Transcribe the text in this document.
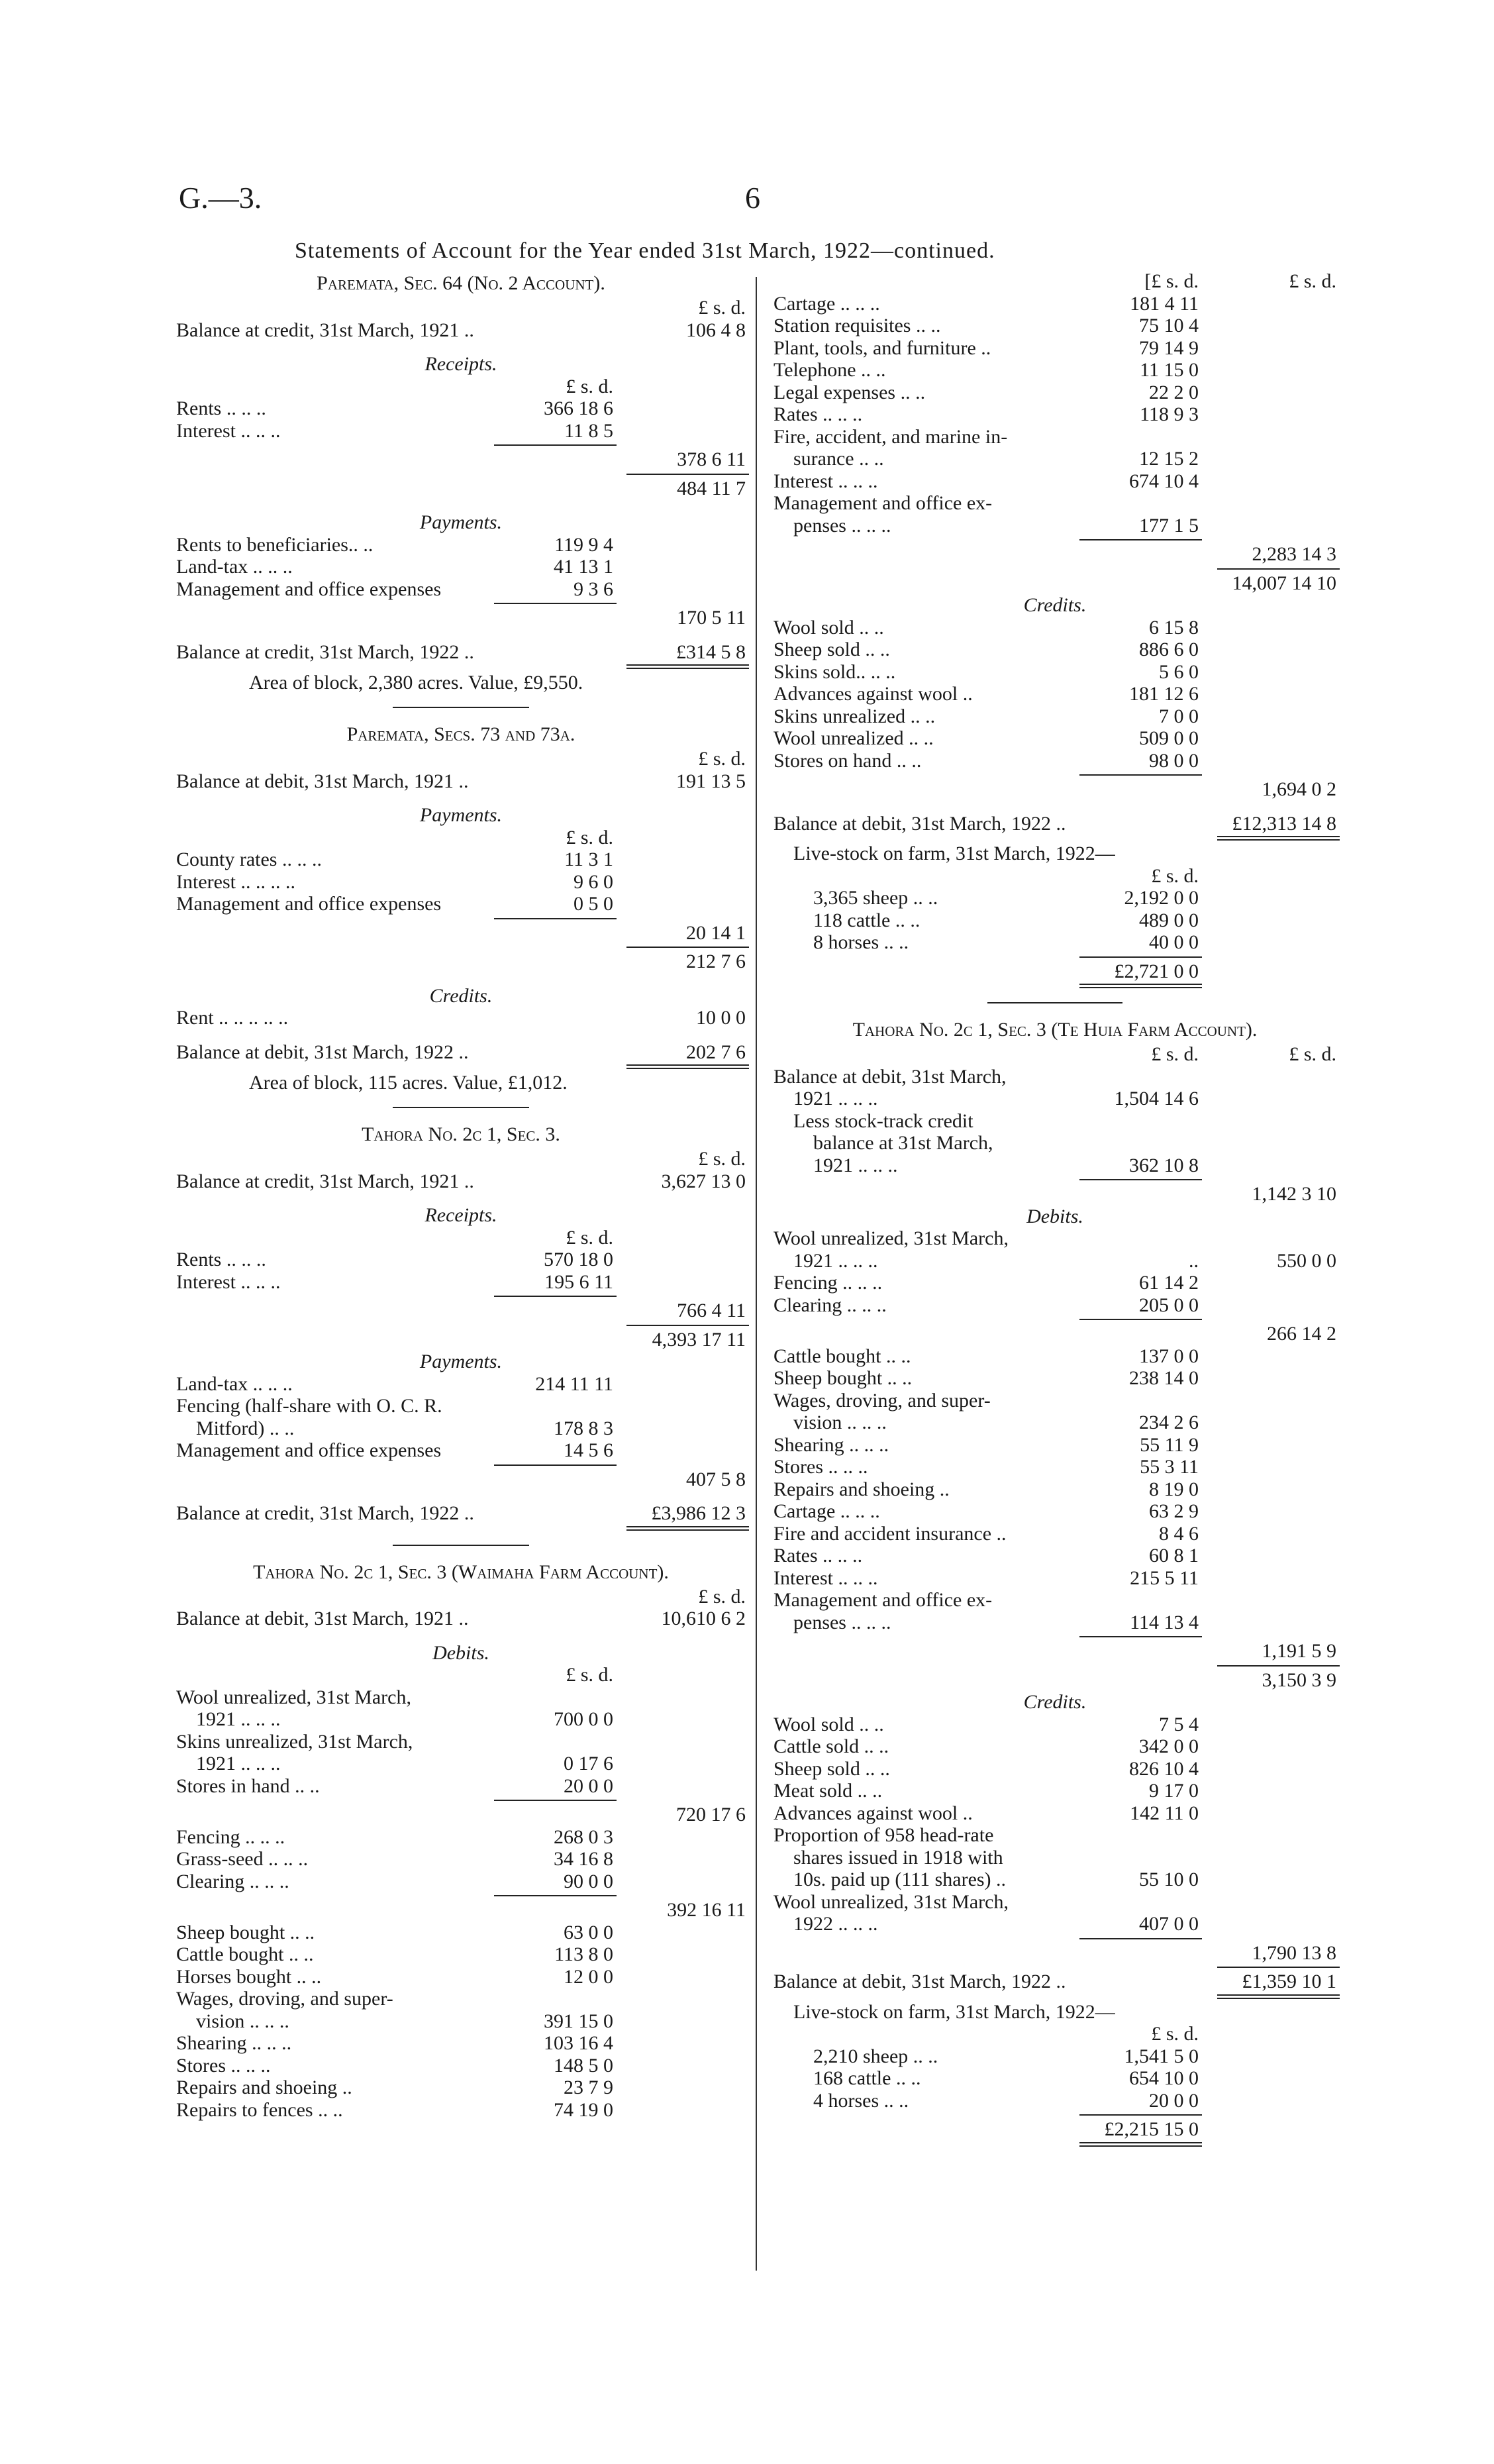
G.—3.	6
Statements of Account for the Year ended 31st March, 1922—continued.
Paremata, Sec. 64 (No. 2 Account).
£ s. d.
Balance at credit, 31st March, 1921 ..	106 4 8
Receipts.
£ s. d.
Rents .. .. ..	366 18 6
Interest .. .. ..	11 8 5
378 6 11
484 11 7
Payments.
Rents to beneficiaries.. ..	119 9 4
Land-tax .. .. ..	41 13 1
Management and office expenses	9 3 6
170 5 11
Balance at credit, 31st March, 1922 ..	£314 5 8
Area of block, 2,380 acres. Value, £9,550.
Paremata, Secs. 73 and 73a.
£ s. d.
Balance at debit, 31st March, 1921 ..	191 13 5
Payments.
£ s. d.
County rates .. .. ..	11 3 1
Interest .. .. .. ..	9 6 0
Management and office expenses	0 5 0
20 14 1
212 7 6
Credits.
Rent .. .. .. .. ..	10 0 0
Balance at debit, 31st March, 1922 ..	202 7 6
Area of block, 115 acres. Value, £1,012.
Tahora No. 2c 1, Sec. 3.
£ s. d.
Balance at credit, 31st March, 1921 ..	3,627 13 0
Receipts.
£ s. d.
Rents .. .. ..	570 18 0
Interest .. .. ..	195 6 11
766 4 11
4,393 17 11
Payments.
Land-tax .. .. ..	214 11 11
Fencing (half-share with O. C. R.
Mitford) .. ..	178 8 3
Management and office expenses	14 5 6
407 5 8
Balance at credit, 31st March, 1922 ..	£3,986 12 3
Tahora No. 2c 1, Sec. 3 (Waimaha Farm Account).
£ s. d.
Balance at debit, 31st March, 1921 ..	10,610 6 2
Debits.
£ s. d.
Wool unrealized, 31st March,
1921 .. .. ..	700 0 0
Skins unrealized, 31st March,
1921 .. .. ..	0 17 6
Stores in hand .. ..	20 0 0
720 17 6
Fencing .. .. ..	268 0 3
Grass-seed .. .. ..	34 16 8
Clearing .. .. ..	90 0 0
392 16 11
Sheep bought .. ..	63 0 0
Cattle bought .. ..	113 8 0
Horses bought .. ..	12 0 0
Wages, droving, and super-
vision .. .. ..	391 15 0
Shearing .. .. ..	103 16 4
Stores .. .. ..	148 5 0
Repairs and shoeing ..	23 7 9
Repairs to fences .. ..	74 19 0
[£ s. d.	£ s. d.
Cartage .. .. ..	181 4 11
Station requisites .. ..	75 10 4
Plant, tools, and furniture ..	79 14 9
Telephone .. ..	11 15 0
Legal expenses .. ..	22 2 0
Rates .. .. ..	118 9 3
Fire, accident, and marine in-
surance .. ..	12 15 2
Interest .. .. ..	674 10 4
Management and office ex-
penses .. .. ..	177 1 5
2,283 14 3
14,007 14 10
Credits.
Wool sold .. ..	6 15 8
Sheep sold .. ..	886 6 0
Skins sold.. .. ..	5 6 0
Advances against wool ..	181 12 6
Skins unrealized .. ..	7 0 0
Wool unrealized .. ..	509 0 0
Stores on hand .. ..	98 0 0
1,694 0 2
Balance at debit, 31st March, 1922 ..	£12,313 14 8
Live-stock on farm, 31st March, 1922—
£ s. d.
3,365 sheep .. ..	2,192 0 0
118 cattle .. ..	489 0 0
8 horses .. ..	40 0 0
£2,721 0 0
Tahora No. 2c 1, Sec. 3 (Te Huia Farm Account).
£ s. d.	£ s. d.
Balance at debit, 31st March,
1921 .. .. ..	1,504 14 6
Less stock-track credit
balance at 31st March,
1921 .. .. ..	362 10 8
1,142 3 10
Debits.
Wool unrealized, 31st March,
1921 .. .. ..	..	550 0 0
Fencing .. .. ..	61 14 2
Clearing .. .. ..	205 0 0
266 14 2
Cattle bought .. ..	137 0 0
Sheep bought .. ..	238 14 0
Wages, droving, and super-
vision .. .. ..	234 2 6
Shearing .. .. ..	55 11 9
Stores .. .. ..	55 3 11
Repairs and shoeing ..	8 19 0
Cartage .. .. ..	63 2 9
Fire and accident insurance ..	8 4 6
Rates .. .. ..	60 8 1
Interest .. .. ..	215 5 11
Management and office ex-
penses .. .. ..	114 13 4
1,191 5 9
3,150 3 9
Credits.
Wool sold .. ..	7 5 4
Cattle sold .. ..	342 0 0
Sheep sold .. ..	826 10 4
Meat sold .. ..	9 17 0
Advances against wool ..	142 11 0
Proportion of 958 head-rate
shares issued in 1918 with
10s. paid up (111 shares) ..	55 10 0
Wool unrealized, 31st March,
1922 .. .. ..	407 0 0
1,790 13 8
Balance at debit, 31st March, 1922 ..	£1,359 10 1
Live-stock on farm, 31st March, 1922—
£ s. d.
2,210 sheep .. ..	1,541 5 0
168 cattle .. ..	654 10 0
4 horses .. ..	20 0 0
£2,215 15 0
